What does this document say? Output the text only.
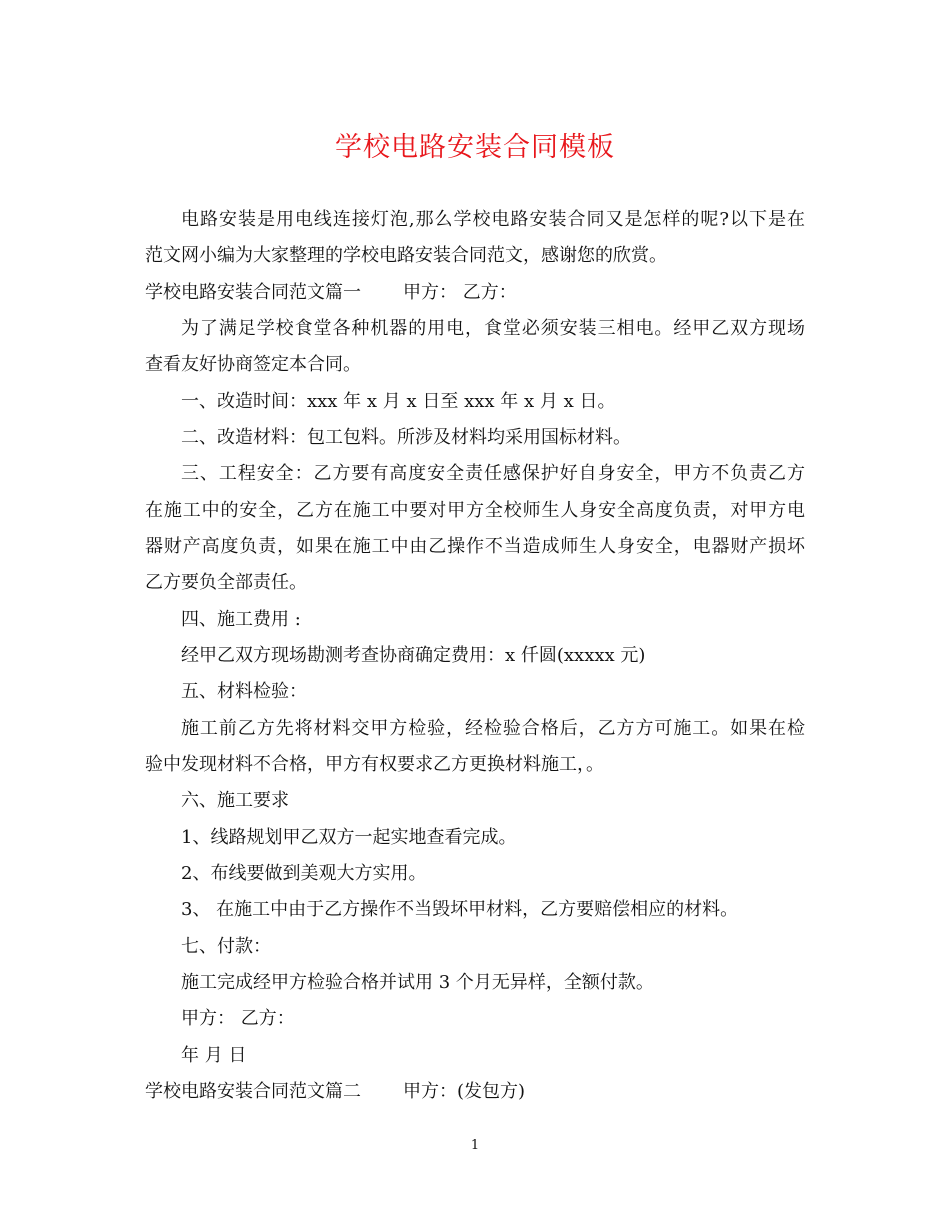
学校电路安装合同模板
电路安装是用电线连接灯泡,那么学校电路安装合同又是怎样的呢?以下是在
范文网小编为大家整理的学校电路安装合同范文，感谢您的欣赏。
学校电路安装合同范文篇一 甲方： 乙方：
为了满足学校食堂各种机器的用电，食堂必须安装三相电。经甲乙双方现场
查看友好协商签定本合同。
一、改造时间：xxx 年 x 月 x 日至 xxx 年 x 月 x 日。
二、改造材料：包工包料。所涉及材料均采用国标材料。
三、工程安全：乙方要有高度安全责任感保护好自身安全，甲方不负责乙方
在施工中的安全，乙方在施工中要对甲方全校师生人身安全高度负责，对甲方电
器财产高度负责，如果在施工中由乙操作不当造成师生人身安全，电器财产损坏
乙方要负全部责任。
四、施工费用 :
经甲乙双方现场勘测考查协商确定费用：x 仟圆(xxxxx 元)
五、材料检验：
施工前乙方先将材料交甲方检验，经检验合格后，乙方方可施工。如果在检
验中发现材料不合格，甲方有权要求乙方更换材料施工，。
六、施工要求
1、线路规划甲乙双方一起实地查看完成。
2、布线要做到美观大方实用。
3、 在施工中由于乙方操作不当毁坏甲材料，乙方要赔偿相应的材料。
七、付款：
施工完成经甲方检验合格并试用 3 个月无异样，全额付款。
甲方： 乙方：
年 月 日
学校电路安装合同范文篇二 甲方：(发包方)
1
